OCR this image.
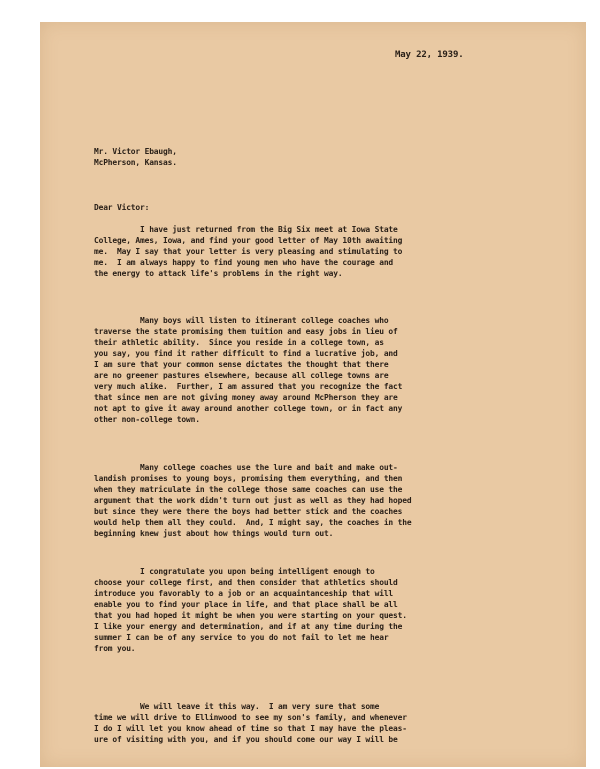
May 22, 1939.
Mr. Victor Ebaugh,
McPherson, Kansas.
Dear Victor:
I have just returned from the Big Six meet at Iowa State
College, Ames, Iowa, and find your good letter of May 10th awaiting
me.  May I say that your letter is very pleasing and stimulating to
me.  I am always happy to find young men who have the courage and
the energy to attack life's problems in the right way.
Many boys will listen to itinerant college coaches who
traverse the state promising them tuition and easy jobs in lieu of
their athletic ability.  Since you reside in a college town, as
you say, you find it rather difficult to find a lucrative job, and
I am sure that your common sense dictates the thought that there
are no greener pastures elsewhere, because all college towns are
very much alike.  Further, I am assured that you recognize the fact
that since men are not giving money away around McPherson they are
not apt to give it away around another college town, or in fact any
other non-college town.
Many college coaches use the lure and bait and make out-
landish promises to young boys, promising them everything, and then
when they matriculate in the college those same coaches can use the
argument that the work didn't turn out just as well as they had hoped
but since they were there the boys had better stick and the coaches
would help them all they could.  And, I might say, the coaches in the
beginning knew just about how things would turn out.
I congratulate you upon being intelligent enough to
choose your college first, and then consider that athletics should
introduce you favorably to a job or an acquaintanceship that will
enable you to find your place in life, and that place shall be all
that you had hoped it might be when you were starting on your quest.
I like your energy and determination, and if at any time during the
summer I can be of any service to you do not fail to let me hear
from you.
We will leave it this way.  I am very sure that some
time we will drive to Ellinwood to see my son's family, and whenever
I do I will let you know ahead of time so that I may have the pleas-
ure of visiting with you, and if you should come our way I will be
